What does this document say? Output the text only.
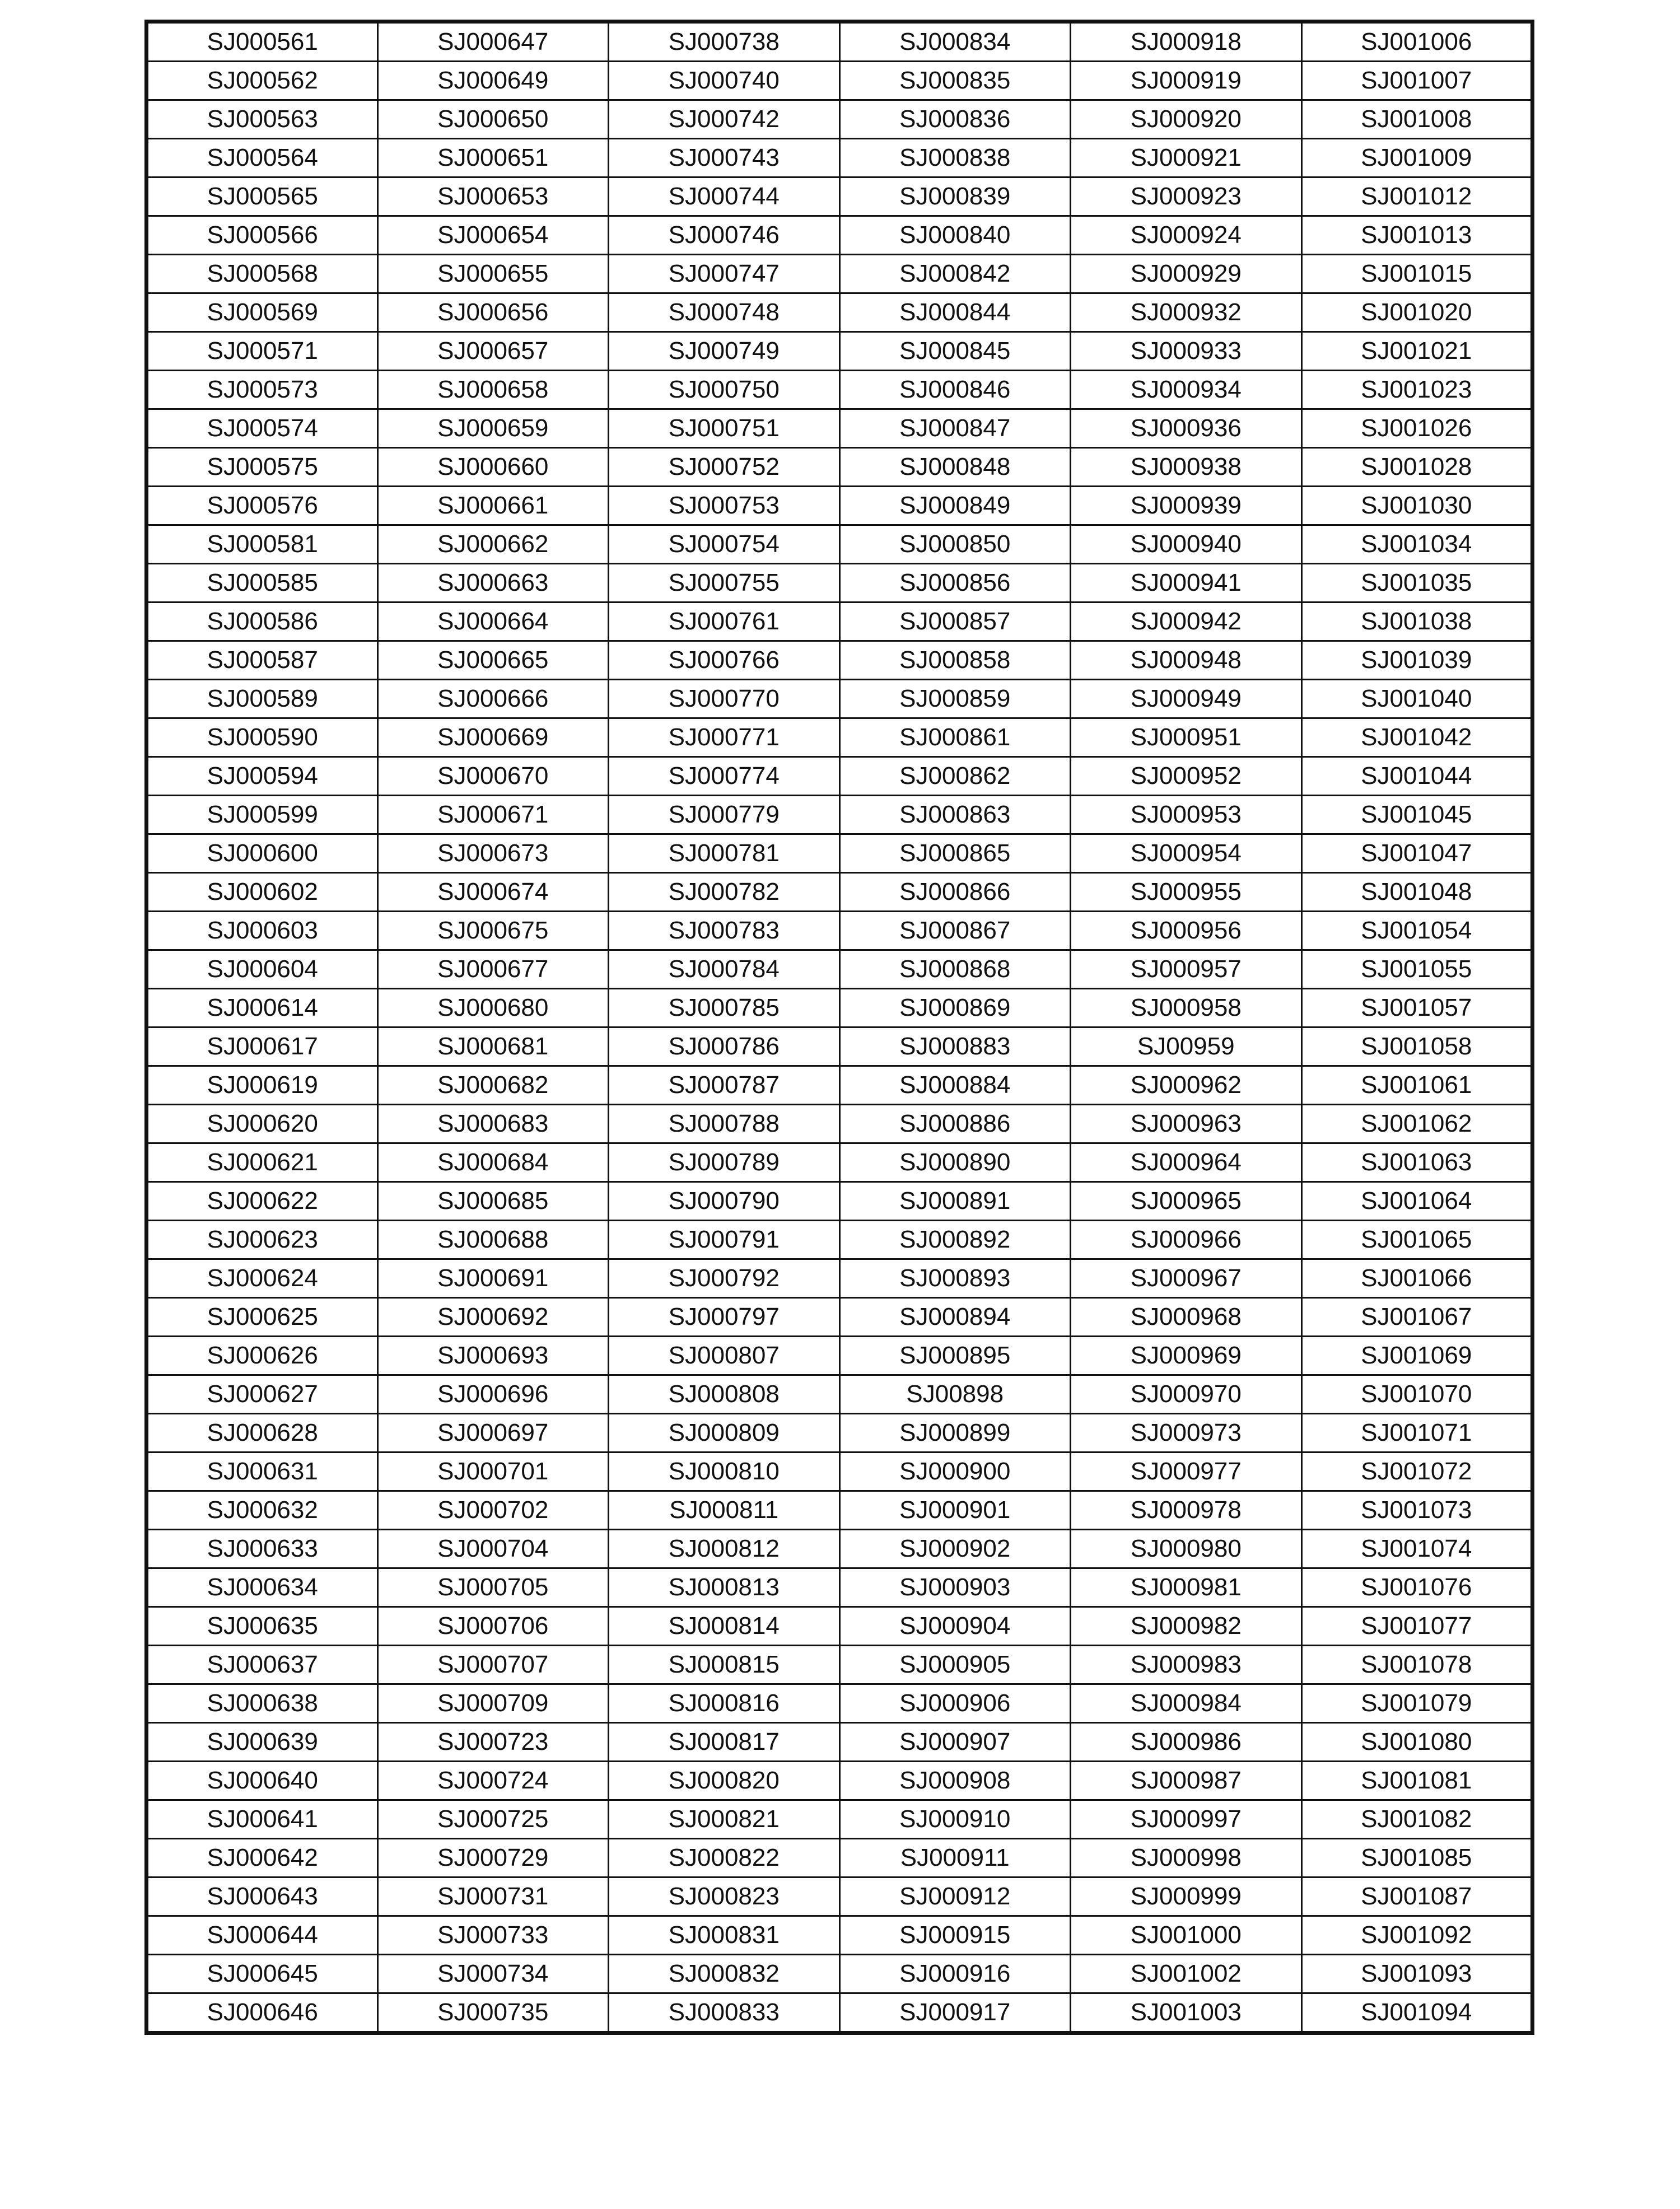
SJ000561	SJ000647	SJ000738	SJ000834	SJ000918	SJ001006
SJ000562	SJ000649	SJ000740	SJ000835	SJ000919	SJ001007
SJ000563	SJ000650	SJ000742	SJ000836	SJ000920	SJ001008
SJ000564	SJ000651	SJ000743	SJ000838	SJ000921	SJ001009
SJ000565	SJ000653	SJ000744	SJ000839	SJ000923	SJ001012
SJ000566	SJ000654	SJ000746	SJ000840	SJ000924	SJ001013
SJ000568	SJ000655	SJ000747	SJ000842	SJ000929	SJ001015
SJ000569	SJ000656	SJ000748	SJ000844	SJ000932	SJ001020
SJ000571	SJ000657	SJ000749	SJ000845	SJ000933	SJ001021
SJ000573	SJ000658	SJ000750	SJ000846	SJ000934	SJ001023
SJ000574	SJ000659	SJ000751	SJ000847	SJ000936	SJ001026
SJ000575	SJ000660	SJ000752	SJ000848	SJ000938	SJ001028
SJ000576	SJ000661	SJ000753	SJ000849	SJ000939	SJ001030
SJ000581	SJ000662	SJ000754	SJ000850	SJ000940	SJ001034
SJ000585	SJ000663	SJ000755	SJ000856	SJ000941	SJ001035
SJ000586	SJ000664	SJ000761	SJ000857	SJ000942	SJ001038
SJ000587	SJ000665	SJ000766	SJ000858	SJ000948	SJ001039
SJ000589	SJ000666	SJ000770	SJ000859	SJ000949	SJ001040
SJ000590	SJ000669	SJ000771	SJ000861	SJ000951	SJ001042
SJ000594	SJ000670	SJ000774	SJ000862	SJ000952	SJ001044
SJ000599	SJ000671	SJ000779	SJ000863	SJ000953	SJ001045
SJ000600	SJ000673	SJ000781	SJ000865	SJ000954	SJ001047
SJ000602	SJ000674	SJ000782	SJ000866	SJ000955	SJ001048
SJ000603	SJ000675	SJ000783	SJ000867	SJ000956	SJ001054
SJ000604	SJ000677	SJ000784	SJ000868	SJ000957	SJ001055
SJ000614	SJ000680	SJ000785	SJ000869	SJ000958	SJ001057
SJ000617	SJ000681	SJ000786	SJ000883	SJ00959	SJ001058
SJ000619	SJ000682	SJ000787	SJ000884	SJ000962	SJ001061
SJ000620	SJ000683	SJ000788	SJ000886	SJ000963	SJ001062
SJ000621	SJ000684	SJ000789	SJ000890	SJ000964	SJ001063
SJ000622	SJ000685	SJ000790	SJ000891	SJ000965	SJ001064
SJ000623	SJ000688	SJ000791	SJ000892	SJ000966	SJ001065
SJ000624	SJ000691	SJ000792	SJ000893	SJ000967	SJ001066
SJ000625	SJ000692	SJ000797	SJ000894	SJ000968	SJ001067
SJ000626	SJ000693	SJ000807	SJ000895	SJ000969	SJ001069
SJ000627	SJ000696	SJ000808	SJ00898	SJ000970	SJ001070
SJ000628	SJ000697	SJ000809	SJ000899	SJ000973	SJ001071
SJ000631	SJ000701	SJ000810	SJ000900	SJ000977	SJ001072
SJ000632	SJ000702	SJ000811	SJ000901	SJ000978	SJ001073
SJ000633	SJ000704	SJ000812	SJ000902	SJ000980	SJ001074
SJ000634	SJ000705	SJ000813	SJ000903	SJ000981	SJ001076
SJ000635	SJ000706	SJ000814	SJ000904	SJ000982	SJ001077
SJ000637	SJ000707	SJ000815	SJ000905	SJ000983	SJ001078
SJ000638	SJ000709	SJ000816	SJ000906	SJ000984	SJ001079
SJ000639	SJ000723	SJ000817	SJ000907	SJ000986	SJ001080
SJ000640	SJ000724	SJ000820	SJ000908	SJ000987	SJ001081
SJ000641	SJ000725	SJ000821	SJ000910	SJ000997	SJ001082
SJ000642	SJ000729	SJ000822	SJ000911	SJ000998	SJ001085
SJ000643	SJ000731	SJ000823	SJ000912	SJ000999	SJ001087
SJ000644	SJ000733	SJ000831	SJ000915	SJ001000	SJ001092
SJ000645	SJ000734	SJ000832	SJ000916	SJ001002	SJ001093
SJ000646	SJ000735	SJ000833	SJ000917	SJ001003	SJ001094
